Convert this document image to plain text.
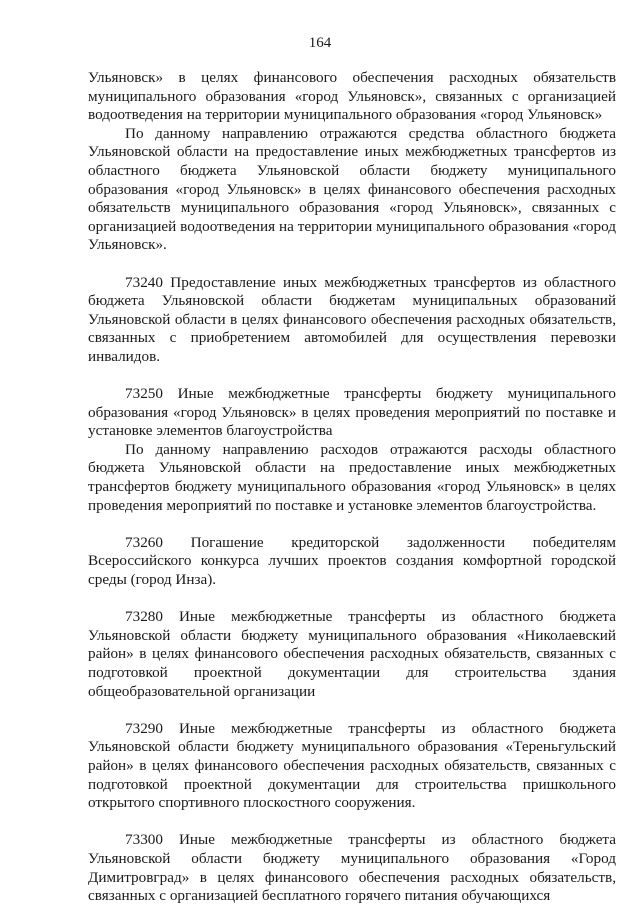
164

Ульяновск» в целях финансового обеспечения расходных обязательств муниципального образования «город Ульяновск», связанных с организацией водоотведения на территории муниципального образования «город Ульяновск»

По данному направлению отражаются средства областного бюджета Ульяновской области на предоставление иных межбюджетных трансфертов из областного бюджета Ульяновской области бюджету муниципального образования «город Ульяновск» в целях финансового обеспечения расходных обязательств муниципального образования «город Ульяновск», связанных с организацией водоотведения на территории муниципального образования «город Ульяновск».

73240 Предоставление иных межбюджетных трансфертов из областного бюджета Ульяновской области бюджетам муниципальных образований Ульяновской области в целях финансового обеспечения расходных обязательств, связанных с приобретением автомобилей для осуществления перевозки инвалидов.

73250 Иные межбюджетные трансферты бюджету муниципального образования «город Ульяновск» в целях проведения мероприятий по поставке и установке элементов благоустройства

По данному направлению расходов отражаются расходы областного бюджета Ульяновской области на предоставление иных межбюджетных трансфертов бюджету муниципального образования «город Ульяновск» в целях проведения мероприятий по поставке и установке элементов благоустройства.

73260 Погашение кредиторской задолженности победителям Всероссийского конкурса лучших проектов создания комфортной городской среды (город Инза).

73280 Иные межбюджетные трансферты из областного бюджета Ульяновской области бюджету муниципального образования «Николаевский район» в целях финансового обеспечения расходных обязательств, связанных с подготовкой проектной документации для строительства здания общеобразовательной организации

73290 Иные межбюджетные трансферты из областного бюджета Ульяновской области бюджету муниципального образования «Тереньгульский район» в целях финансового обеспечения расходных обязательств, связанных с подготовкой проектной документации для строительства пришкольного открытого спортивного плоскостного сооружения.

73300 Иные межбюджетные трансферты из областного бюджета Ульяновской области бюджету муниципального образования «Город Димитровград» в целях финансового обеспечения расходных обязательств, связанных с организацией бесплатного горячего питания обучающихся
